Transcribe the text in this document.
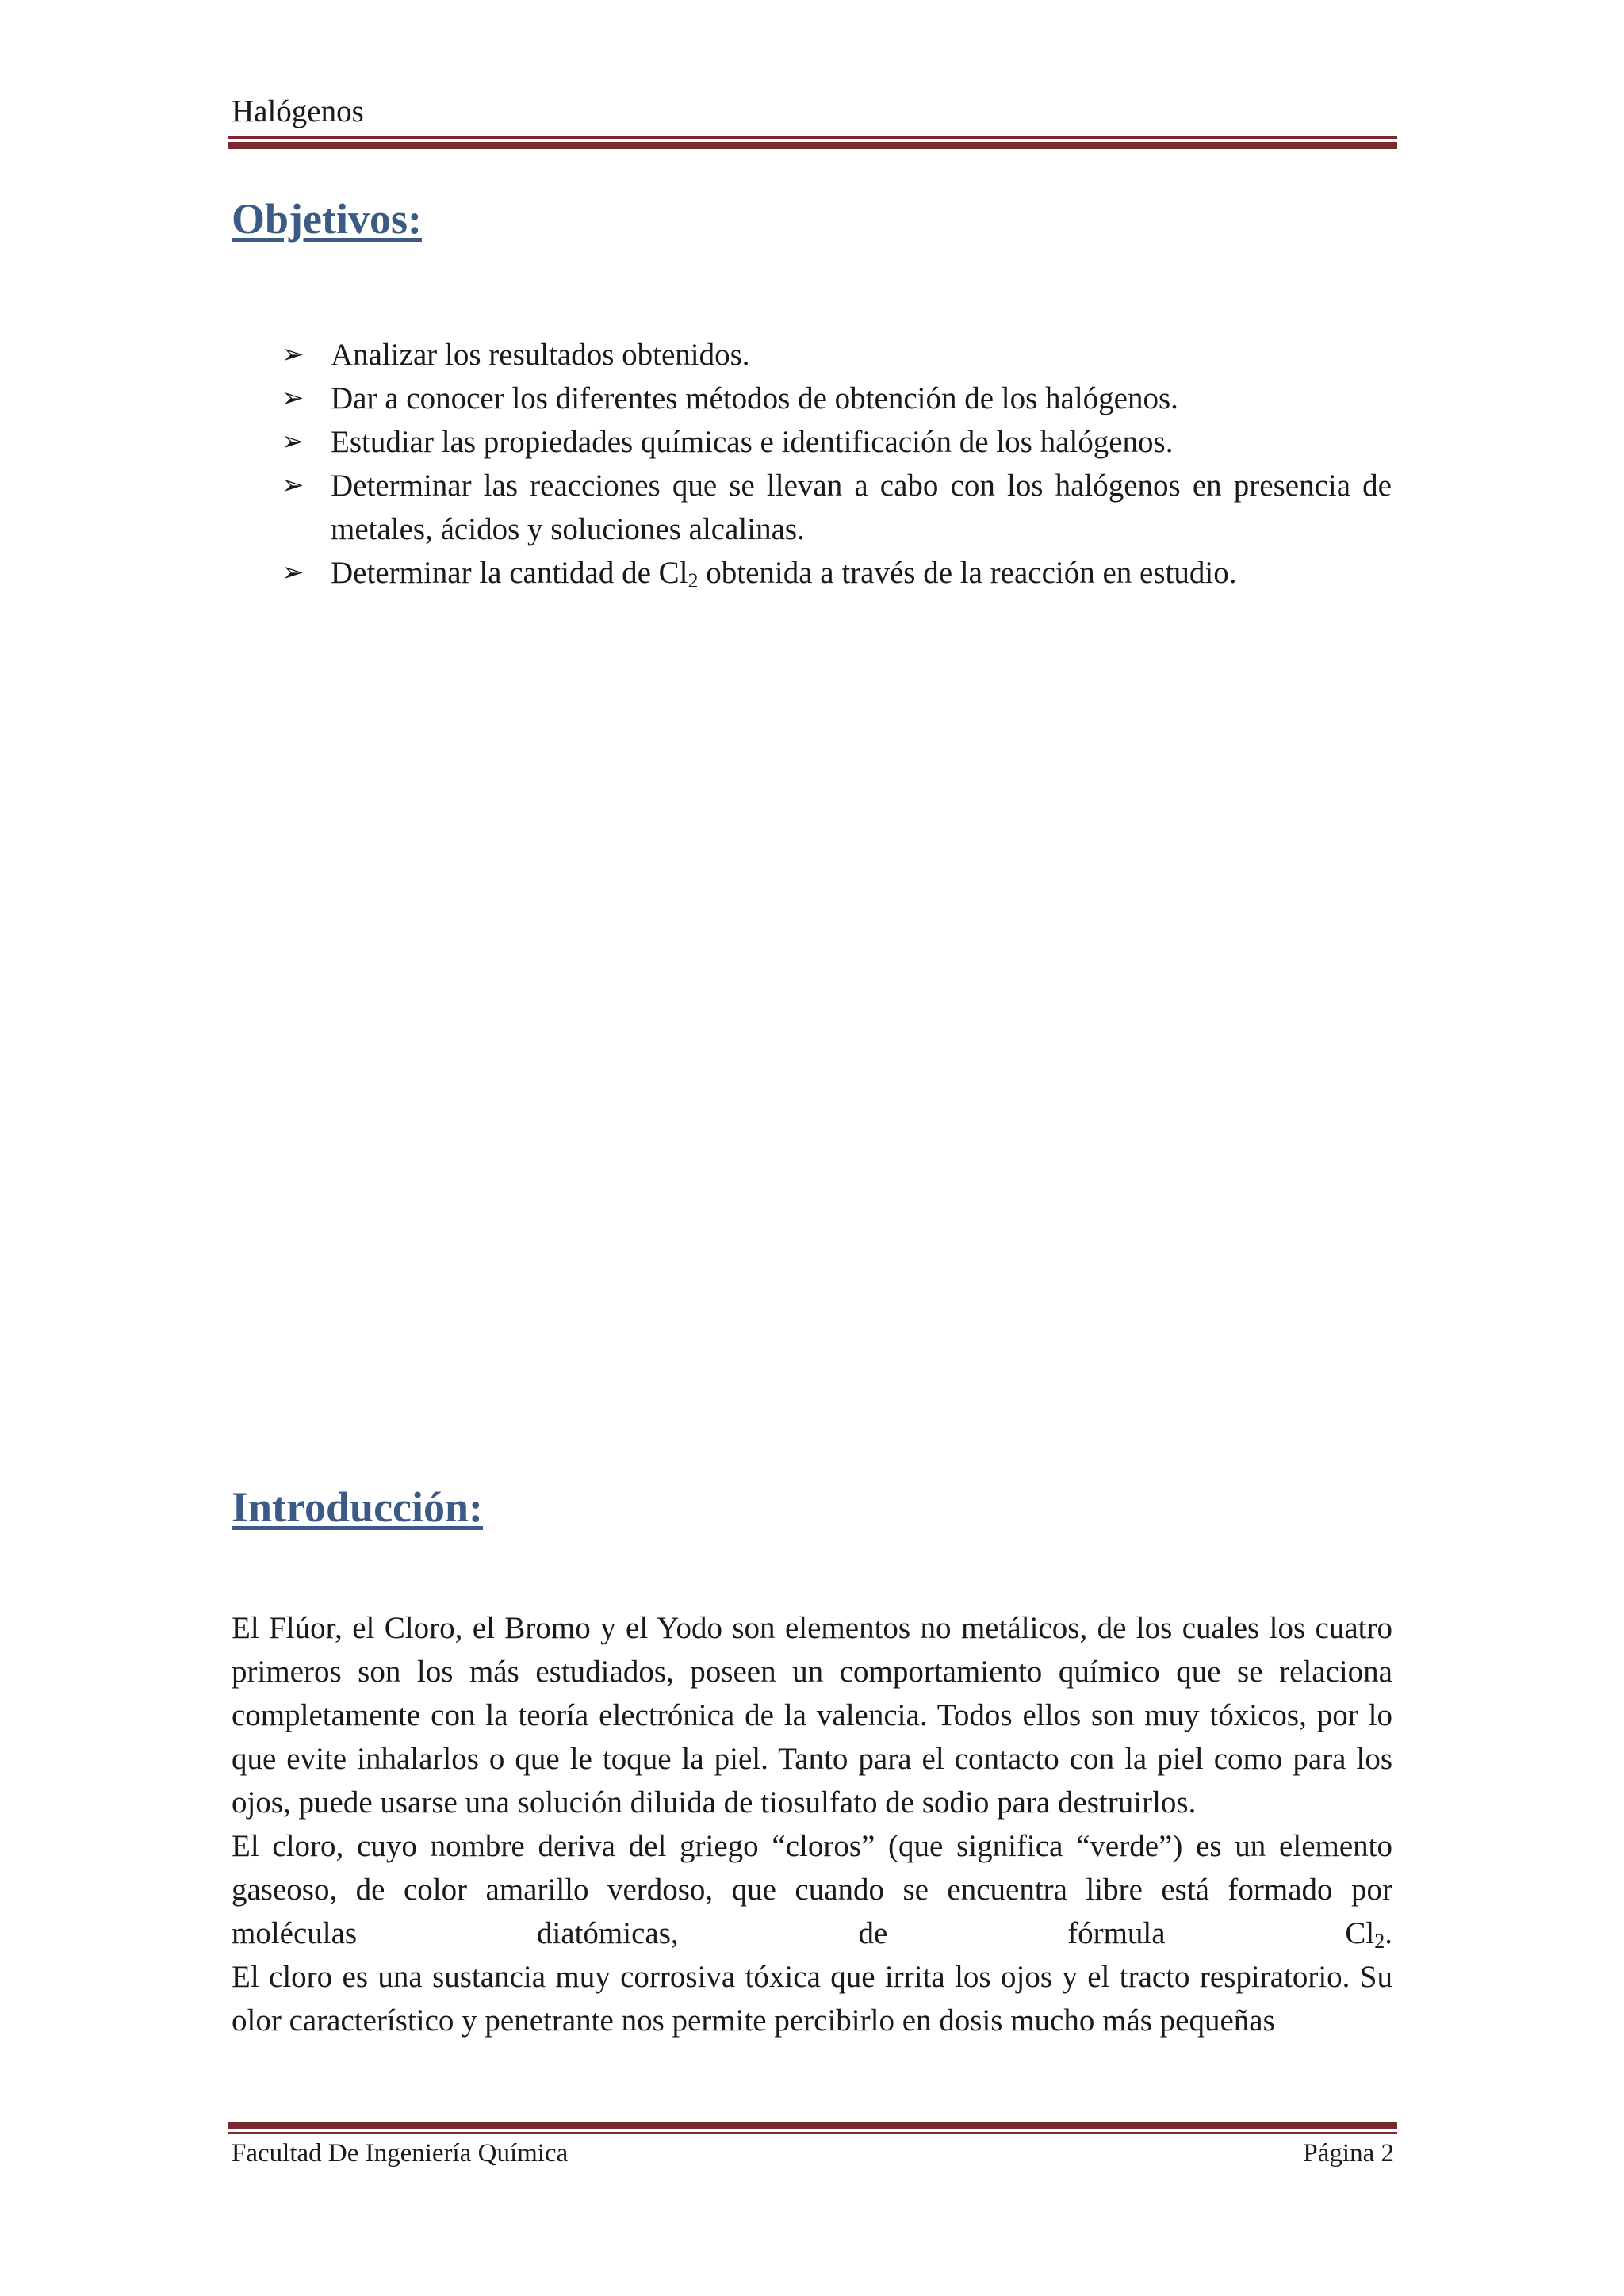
Halógenos
Objetivos:
➢ Analizar los resultados obtenidos.
➢ Dar a conocer los diferentes métodos de obtención de los halógenos.
➢ Estudiar las propiedades químicas e identificación de los halógenos.
➢ Determinar las reacciones que se llevan a cabo con los halógenos en presencia de metales, ácidos y soluciones alcalinas.
➢ Determinar la cantidad de $Cl_2$ obtenida a través de la reacción en estudio.
Introducción:

El Flúor, el Cloro, el Bromo y el Yodo son elementos no metálicos, de los cuales los cuatro primeros son los más estudiados, poseen un comportamiento químico que se relaciona completamente con la teoría electrónica de la valencia. Todos ellos son muy tóxicos, por lo que evite inhalarlos o que le toque la piel. Tanto para el contacto con la piel como para los ojos, puede usarse una solución diluida de tiosulfato de sodio para destruirlos.

El cloro, cuyo nombre deriva del griego “cloros” (que significa “verde”) es un elemento gaseoso, de color amarillo verdoso, que cuando se encuentra libre está formado por moléculas diatómicas, de fórmula $Cl_2$.

El cloro es una sustancia muy corrosiva tóxica que irrita los ojos y el tracto respiratorio. Su olor característico y penetrante nos permite percibirlo en dosis mucho más pequeñas

Facultad De Ingeniería Química	Página 2
